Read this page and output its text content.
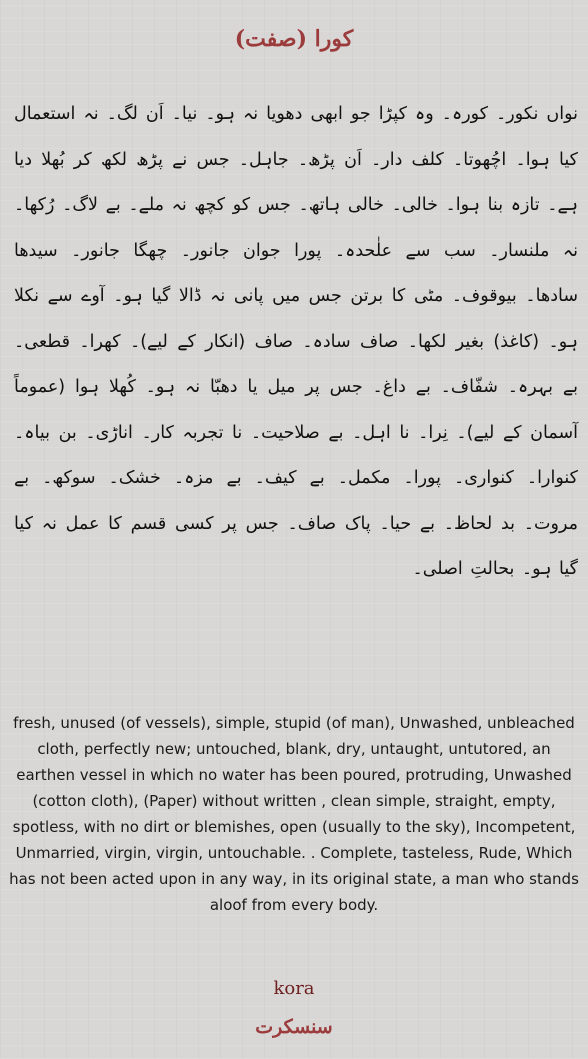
کورا (صفت)
نواں نکور۔ کورہ۔ وہ کپڑا جو ابھی دھویا نہ ہو۔ نیا۔ اَن لگ۔ نہ استعمال کیا ہوا۔ اچُھوتا۔ کلف دار۔ اَن پڑھ۔ جاہل۔ جس نے پڑھ لکھ کر بُھلا دیا ہے۔ تازہ بنا ہوا۔ خالی۔ خالی ہاتھ۔ جس کو کچھ نہ ملے۔ بے لاگ۔ رُکھا۔ نہ ملنسار۔ سب سے علٰحدہ۔ پورا جوان جانور۔ چھگا جانور۔ سیدھا سادھا۔ بیوقوف۔ مٹی کا برتن جس میں پانی نہ ڈالا گیا ہو۔ آوے سے نکلا ہو۔ (کاغذ) بغیر لکھا۔ صاف سادہ۔ صاف (انکار کے لیے)۔ کھرا۔ قطعی۔ بے بہرہ۔ شفّاف۔ بے داغ۔ جس پر میل یا دھبّا نہ ہو۔ کُھلا ہوا (عموماً آسمان کے لیے)۔ نِرا۔ نا اہل۔ بے صلاحیت۔ نا تجربہ کار۔ اناڑی۔ بن بیاہ۔ کنوارا۔ کنواری۔ پورا۔ مکمل۔ بے کیف۔ بے مزہ۔ خشک۔ سوکھ۔ بے مروت۔ بد لحاظ۔ بے حیا۔ پاک صاف۔ جس پر کسی قسم کا عمل نہ کیا گیا ہو۔ بحالتِ اصلی۔
fresh, unused (of vessels), simple, stupid (of man), Unwashed, unbleached cloth, perfectly new; untouched, blank, dry, untaught, untutored, an earthen vessel in which no water has been poured, protruding, Unwashed (cotton cloth), (Paper) without written , clean simple, straight, empty, spotless, with no dirt or blemishes, open (usually to the sky), Incompetent, Unmarried, virgin, virgin, untouchable. . Complete, tasteless, Rude, Which has not been acted upon in any way, in its original state, a man who stands aloof from every body.
kora
سنسکرت
